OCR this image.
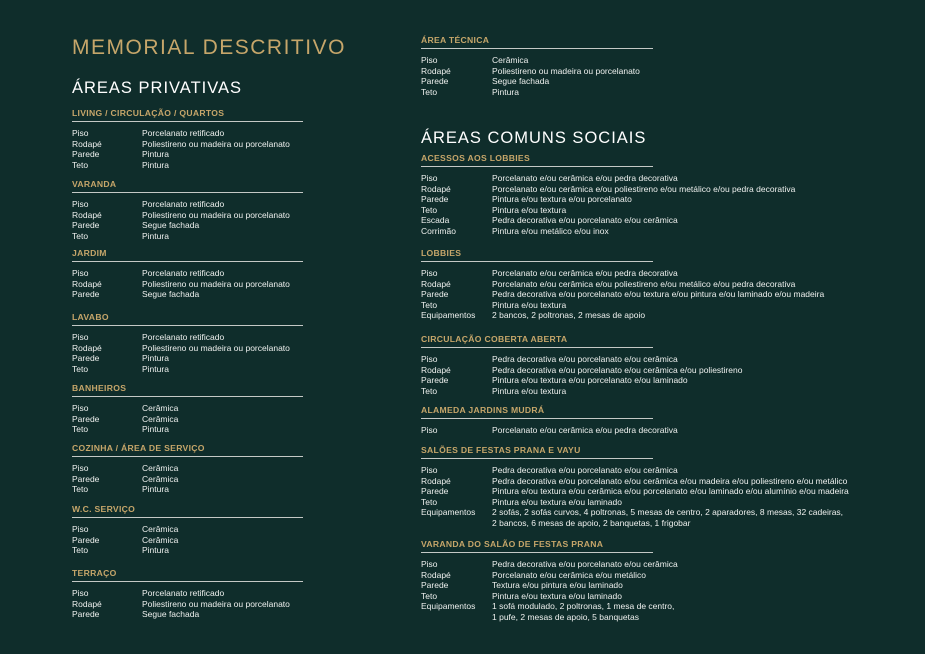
MEMORIAL DESCRITIVO
ÁREAS PRIVATIVAS
LIVING / CIRCULAÇÃO / QUARTOS
Piso	Porcelanato retificado
Rodapé	Poliestireno ou madeira ou porcelanato
Parede	Pintura
Teto	Pintura
VARANDA
Piso	Porcelanato retificado
Rodapé	Poliestireno ou madeira ou porcelanato
Parede	Segue fachada
Teto	Pintura
JARDIM
Piso	Porcelanato retificado
Rodapé	Poliestireno ou madeira ou porcelanato
Parede	Segue fachada
LAVABO
Piso	Porcelanato retificado
Rodapé	Poliestireno ou madeira ou porcelanato
Parede	Pintura
Teto	Pintura
BANHEIROS
Piso	Cerâmica
Parede	Cerâmica
Teto	Pintura
COZINHA / ÁREA DE SERVIÇO
Piso	Cerâmica
Parede	Cerâmica
Teto	Pintura
W.C. SERVIÇO
Piso	Cerâmica
Parede	Cerâmica
Teto	Pintura
TERRAÇO
Piso	Porcelanato retificado
Rodapé	Poliestireno ou madeira ou porcelanato
Parede	Segue fachada
ÁREAS COMUNS SOCIAIS
ÁREA TÉCNICA
Piso	Cerâmica
Rodapé	Poliestireno ou madeira ou porcelanato
Parede	Segue fachada
Teto	Pintura
ACESSOS AOS LOBBIES
Piso	Porcelanato e/ou cerâmica e/ou pedra decorativa
Rodapé	Porcelanato e/ou cerâmica e/ou poliestireno e/ou metálico e/ou pedra decorativa
Parede	Pintura e/ou textura e/ou porcelanato
Teto	Pintura e/ou textura
Escada	Pedra decorativa e/ou porcelanato e/ou cerâmica
Corrimão	Pintura e/ou metálico e/ou inox
LOBBIES
Piso	Porcelanato e/ou cerâmica e/ou pedra decorativa
Rodapé	Porcelanato e/ou cerâmica e/ou poliestireno e/ou metálico e/ou pedra decorativa
Parede	Pedra decorativa e/ou porcelanato e/ou textura e/ou pintura e/ou laminado e/ou madeira
Teto	Pintura e/ou textura
Equipamentos	2 bancos, 2 poltronas, 2 mesas de apoio
CIRCULAÇÃO COBERTA ABERTA
Piso	Pedra decorativa e/ou porcelanato e/ou cerâmica
Rodapé	Pedra decorativa e/ou porcelanato e/ou cerâmica e/ou poliestireno
Parede	Pintura e/ou textura e/ou porcelanato e/ou laminado
Teto	Pintura e/ou textura
ALAMEDA JARDINS MUDRÁ
Piso	Porcelanato e/ou cerâmica e/ou pedra decorativa
SALÕES DE FESTAS PRANA E VAYU
Piso	Pedra decorativa e/ou porcelanato e/ou cerâmica
Rodapé	Pedra decorativa e/ou porcelanato e/ou cerâmica e/ou madeira e/ou poliestireno e/ou metálico
Parede	Pintura e/ou textura e/ou cerâmica e/ou porcelanato e/ou laminado e/ou alumínio e/ou madeira
Teto	Pintura e/ou textura e/ou laminado
Equipamentos	2 sofás, 2 sofás curvos, 4 poltronas, 5 mesas de centro, 2 aparadores, 8 mesas, 32 cadeiras,
2 bancos, 6 mesas de apoio, 2 banquetas, 1 frigobar
VARANDA DO SALÃO DE FESTAS PRANA
Piso	Pedra decorativa e/ou porcelanato e/ou cerâmica
Rodapé	Porcelanato e/ou cerâmica e/ou metálico
Parede	Textura e/ou pintura e/ou laminado
Teto	Pintura e/ou textura e/ou laminado
Equipamentos	1 sofá modulado, 2 poltronas, 1 mesa de centro,
1 pufe, 2 mesas de apoio, 5 banquetas
